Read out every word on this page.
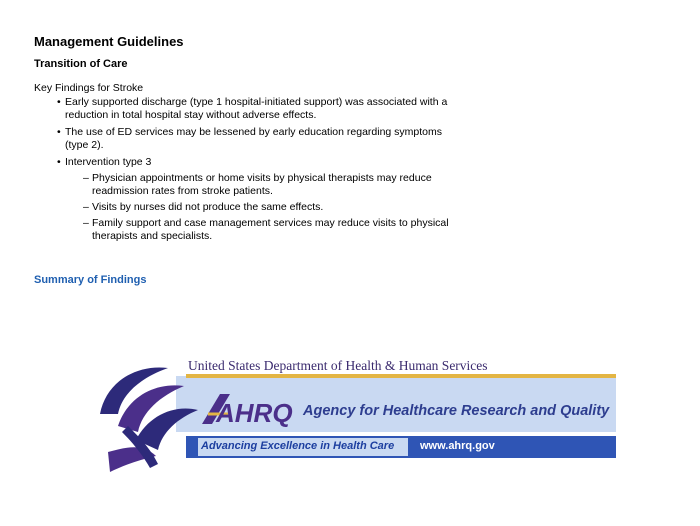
Management Guidelines
Transition of Care

Key Findings for Stroke

• Early supported discharge (type 1 hospital-initiated support) was associated with a reduction in total hospital stay without adverse effects.
• The use of ED services may be lessened by early education regarding symptoms (type 2).
• Intervention type 3
– Physician appointments or home visits by physical therapists may reduce readmission rates from stroke patients.
– Visits by nurses did not produce the same effects.
– Family support and case management services may reduce visits to physical therapists and specialists.
Summary of Findings
AHRQ
United States Department of Health & Human Services
Agency for Healthcare Research and Quality
Advancing Excellence in Health Care www.ahrq.gov
